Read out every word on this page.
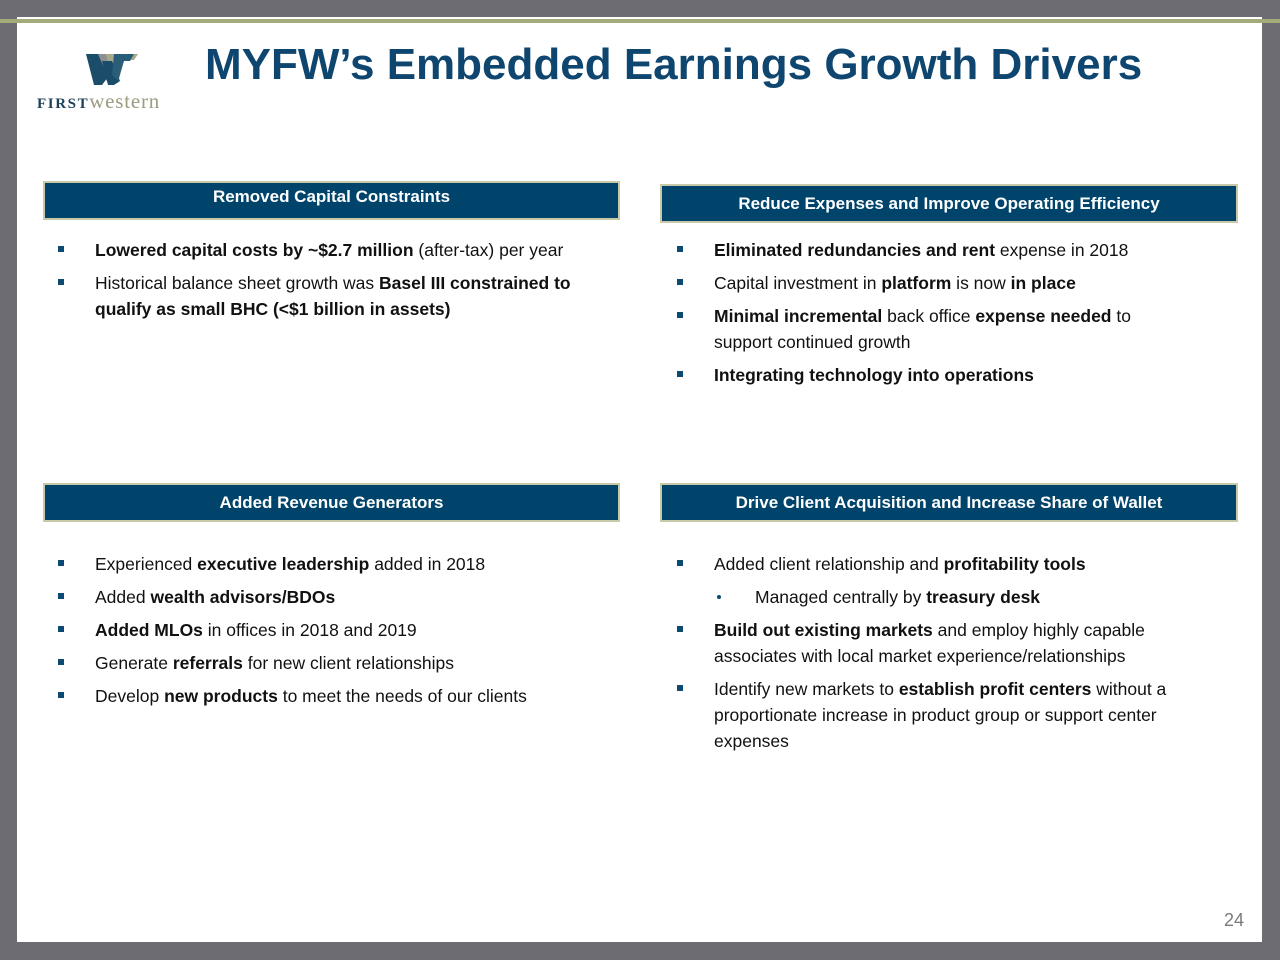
FIRSTwestern
MYFW’s Embedded Earnings Growth Drivers
Removed Capital Constraints	Reduce Expenses and Improve Operating Efficiency
Added Revenue Generators	Drive Client Acquisition and Increase Share of Wallet
Lowered capital costs by ~$2.7 million (after-tax) per year
Historical balance sheet growth was Basel III constrained to qualify as small BHC (<$1 billion in assets)
Eliminated redundancies and rent expense in 2018
Capital investment in platform is now in place
Minimal incremental back office expense needed to support continued growth
Integrating technology into operations
Experienced executive leadership added in 2018
Added wealth advisors/BDOs
Added MLOs in offices in 2018 and 2019
Generate referrals for new client relationships
Develop new products to meet the needs of our clients
Added client relationship and profitability tools
Managed centrally by treasury desk
Build out existing markets and employ highly capable associates with local market experience/relationships
Identify new markets to establish profit centers without a proportionate increase in product group or support center expenses
24
